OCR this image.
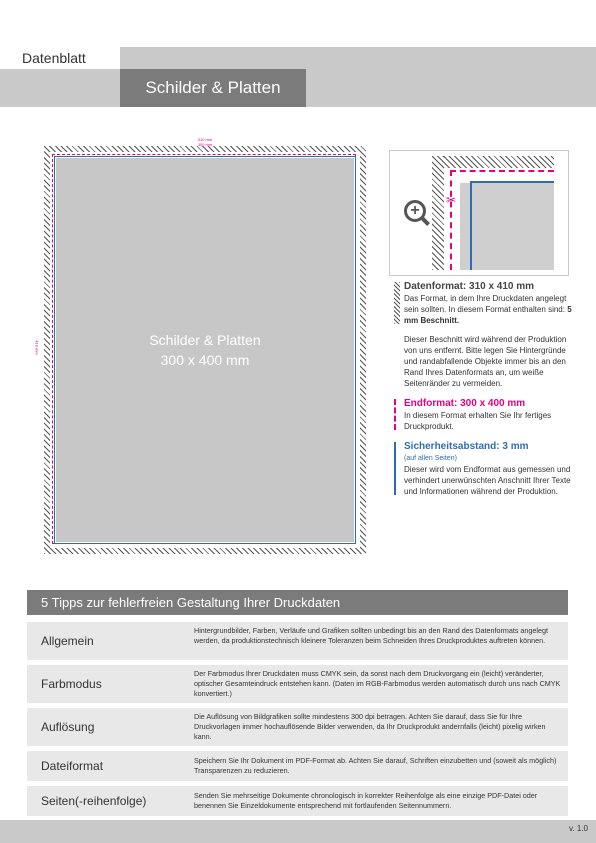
Datenblatt
Schilder & Platten
Schilder & Platten
300 x 400 mm
310 mm
300 mm
410 mm
+
✂
Datenformat: 310 x 410 mm
Das Format, in dem Ihre Druckdaten angelegt sein sollten. In diesem Format enthalten sind: 5 mm Beschnitt.
Dieser Beschnitt wird während der Produktion von uns entfernt. Bitte legen Sie Hintergründe und randabfallende Objekte immer bis an den Rand Ihres Datenformats an, um weiße Seitenränder zu vermeiden.
Endformat: 300 x 400 mm
In diesem Format erhalten Sie Ihr fertiges Druckprodukt.
Sicherheitsabstand: 3 mm
(auf allen Seiten)
Dieser wird vom Endformat aus gemessen und verhindert unerwünschten Anschnitt Ihrer Texte und Informationen während der Produktion.
5 Tipps zur fehlerfreien Gestaltung Ihrer Druckdaten
Allgemein
Hintergrundbilder, Farben, Verläufe und Grafiken sollten unbedingt bis an den Rand des Datenformats angelegt werden, da produktionstechnisch kleinere Toleranzen beim Schneiden Ihres Druckproduktes auftreten können.
Farbmodus
Der Farbmodus Ihrer Druckdaten muss CMYK sein, da sonst nach dem Druckvorgang ein (leicht) veränderter, optischer Gesamteindruck entstehen kann. (Daten im RGB-Farbmodus werden automatisch durch uns nach CMYK konvertiert.)
Auflösung
Die Auflösung von Bildgrafiken sollte mindestens 300 dpi betragen. Achten Sie darauf, dass Sie für Ihre Druckvorlagen immer hochauflösende Bilder verwenden, da Ihr Druckprodukt andernfalls (leicht) pixelig wirken kann.
Dateiformat	Speichern Sie Ihr Dokument im PDF-Format ab. Achten Sie darauf, Schriften einzubetten und (soweit als möglich) Transparenzen zu reduzieren.
Seiten(-reihenfolge)	Senden Sie mehrseitige Dokumente chronologisch in korrekter Reihenfolge als eine einzige PDF-Datei oder benennen Sie Einzeldokumente entsprechend mit fortlaufenden Seitennummern.
v. 1.0
